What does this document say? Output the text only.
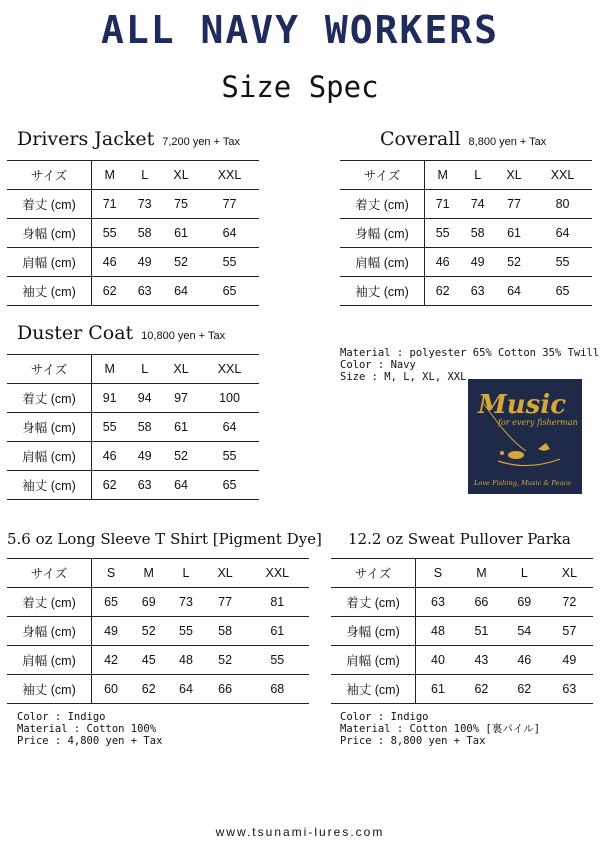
ALL NAVY WORKERS
Size Spec
Drivers Jacket 7,200 yen + Tax
サイズ	M	L	XL	XXL
着丈 (cm)	71	73	75	77
身幅 (cm)	55	58	61	64
肩幅 (cm)	46	49	52	55
袖丈 (cm)	62	63	64	65
Coverall 8,800 yen + Tax
サイズ	M	L	XL	XXL
着丈 (cm)	71	74	77	80
身幅 (cm)	55	58	61	64
肩幅 (cm)	46	49	52	55
袖丈 (cm)	62	63	64	65
Duster Coat 10,800 yen + Tax
サイズ	M	L	XL	XXL
着丈 (cm)	91	94	97	100
身幅 (cm)	55	58	61	64
肩幅 (cm)	46	49	52	55
袖丈 (cm)	62	63	64	65
Material : polyester 65% Cotton 35% Twill
Color : Navy
Size : M, L, XL, XXL
Music
for every fisherman
Love Fishing, Music & Peace
5.6 oz Long Sleeve T Shirt [Pigment Dye]
サイズ	S	M	L	XL	XXL
着丈 (cm)	65	69	73	77	81
身幅 (cm)	49	52	55	58	61
肩幅 (cm)	42	45	48	52	55
袖丈 (cm)	60	62	64	66	68
Color : Indigo
Material : Cotton 100%
Price : 4,800 yen + Tax
12.2 oz Sweat Pullover Parka
サイズ	S	M	L	XL
着丈 (cm)	63	66	69	72
身幅 (cm)	48	51	54	57
肩幅 (cm)	40	43	46	49
袖丈 (cm)	61	62	62	63
Color : Indigo
Material : Cotton 100% [裏パイル]
Price : 8,800 yen + Tax
www.tsunami-lures.com
